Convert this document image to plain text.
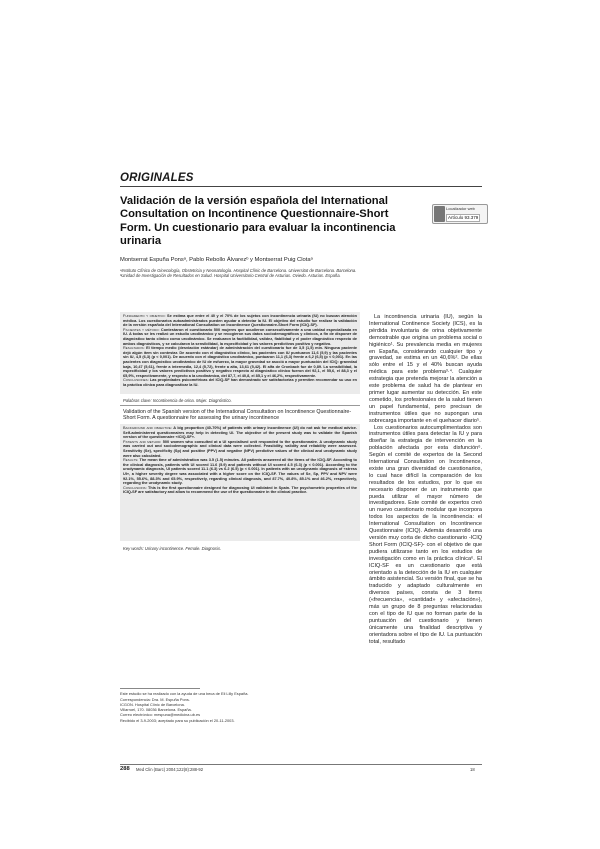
ORIGINALES
Validación de la versión española del International Consultation on Incontinence Questionnaire-Short Form. Un cuestionario para evaluar la incontinencia urinaria
Localizador web
Artículo 93.379
Montserrat Espuña Ponsᵃ, Pablo Rebollo Álvarezᵇ y Montserrat Puig Clotaᵃ
ᵃInstituto Clínico de Ginecología, Obstetricia y Neonatología. Hospital Clínic de Barcelona. Universitat de Barcelona. Barcelona.
ᵇUnidad de Investigación de Resultados en Salud. Hospital Universitario Central de Asturias. Oviedo. Asturias. España.
Fundamento y objetivo: Se estima que entre el 40 y el 70% de los sujetos con incontinencia urinaria (IU) no buscan atención médica. Los cuestionarios autoadministrados pueden ayudar a detectar la IU. El objetivo del estudio fue realizar la validación de la versión española del International Consultation on Incontinence Questionnaire-Short Form (ICIQ-SF).
Pacientes y método: Contestaron el cuestionario 500 mujeres que acudieron consecutivamente a una unidad especializada en IU. A todas se les realizó un estudio urodinámico y se recogieron sus datos sociodemográficos y clínicos, a fin de disponer de diagnóstico tanto clínico como urodinámico. Se evaluaron la factibilidad, validez, fiabilidad y el poder diagnóstico respecto de ambos diagnósticos, y se calcularon la sensibilidad, la especificidad y los valores predictivos positivo y negativo.
Resultados: El tiempo medio (desviación estándar) de administración del cuestionario fue de 3,5 (1,5) min. Ninguna paciente dejó algún ítem sin contestar. De acuerdo con el diagnóstico clínico, las pacientes con IU puntuaron 11,6 (5,9) y las pacientes sin IU, 4,5 (6,3) (p < 0,001). De acuerdo con el diagnóstico urodinámico, puntuaron 11,1 (6,3) frente a 6,2 (6,5) (p < 0,001). En las pacientes con diagnóstico urodinámico de IU de esfuerzo, la mayor gravedad se asoció a mayor puntuación del ICIQ: gravedad baja, 10,47 (5,61), frente a intermedia, 12,4 (5,72), frente a alta, 13,61 (5,42). El alfa de Cronbach fue de 0,89. La sensibilidad, la especificidad y los valores predictivos positivo y negativo respecto al diagnóstico clínico fueron del 92,1, el 55,6, el 88,3 y el 65,9%, respectivamente, y respecto a la urodinámica, del 87,7, el 40,8, el 85,1 y el 46,2%, respectivamente.
Conclusiones: Las propiedades psicométricas del ICIQ-SF han demostrado ser satisfactorias y permiten recomendar su uso en la práctica clínica para diagnosticar la IU.
Palabras clave: Incontinencia de orina. Mujer. Diagnóstico.
Validation of the Spanish version of the International Consultation on Incontinence Questionnaire-Short Form. A questionnaire for assessing the urinary incontinence
Background and objective: A big proportion (40-70%) of patients with urinary incontinence (UI) do not ask for medical advice. Self-administered questionnaires may help in detecting UI. The objective of the present study was to validate the Spanish version of the questionnaire «ICIQ-SF».
Patients and method: 500 women who consulted at a UI specialised unit responded to the questionnaire. A urodynamic study was carried out and sociodemographic and clinical data were collected. Feasibility, validity and reliability were assessed. Sensitivity (Se), specificity (Sp) and positive (PPV) and negative (NPV) predictive values of the clinical and urodynamic study were also calculated.
Results: The mean time of administration was 3.5 (1.5) minutes. All patients answered all the items of the ICIQ-SF. According to the clinical diagnosis, patients with UI scored 11.6 (5.9) and patients without UI scored 4.5 (6.3) (p < 0.001). According to the urodynamic diagnosis, UI patients scored 11.1 (6.3) vs 6.2 (6.5) (p < 0.001). In patients with an urodynamic diagnosis of «stress UI», a higher severity degree was associated with a higher score on the ICIQ-SF. The values of Se, Sp, PPV and NPV were 92.1%, 55.6%, 88.3% and 65.9%, respectively, regarding clinical diagnosis, and 87.7%, 40.8%, 85.1% and 46.2%, respectively, regarding the urodynamic study.
Conclusions: This is the first questionnaire designed for diagnosing UI validated in Spain. The psychometric properties of the ICIQ-SF are satisfactory and allow to recommend the use of the questionnaire in the clinical practice.
Key words: Urinary incontinence. Female. Diagnosis.

Este estudio se ha realizado con la ayuda de una beca de Eli Lilly España.

Correspondencia: Dra. M. Espuña Pons.
ICGON. Hospital Clínic de Barcelona.
Villarroel, 170. 08036 Barcelona. España.
Correo electrónico: mespuna@medicina.ub.es

Recibido el 3-9-2003; aceptado para su publicación el 20-11-2003.

288 Med Clin (Barc) 2004;122(8):288-92	18

La incontinencia urinaria (IU), según la International Continence Society (ICS), es la pérdida involuntaria de orina objetivamente demostrable que origina un problema social o higiénico¹. Su prevalencia media en mujeres en España, considerando cualquier tipo y gravedad, se estima en un 40,6%². De ellas sólo entre el 15 y el 40% buscan ayuda médica para este problema³·⁴. Cualquier estrategia que pretenda mejorar la atención a este problema de salud ha de plantear en primer lugar aumentar su detección. En este cometido, los profesionales de la salud tienen un papel fundamental, pero precisan de instrumentos útiles que no supongan una sobrecarga importante en el quehacer diario⁵.

Los cuestionarios autocumplimentados son instrumentos útiles para detectar la IU y para diseñar la estrategia de intervención en la población afectada por esta disfunción⁶. Según el comité de expertos de la Second International Consultation on Incontinence, existe una gran diversidad de cuestionarios, lo cual hace difícil la comparación de los resultados de los estudios, por lo que es necesario disponer de un instrumento que pueda utilizar el mayor número de investigadores. Este comité de expertos creó un nuevo cuestionario modular que incorpora todos los aspectos de la incontinencia: el International Consultation on Incontinence Questionnaire (ICIQ). Además desarrolló una versión muy corta de dicho cuestionario -ICIQ Short Form (ICIQ-SF)- con el objetivo de que pudiera utilizarse tanto en los estudios de investigación como en la práctica clínica⁶. El ICIQ-SF es un cuestionario que está orientado a la detección de la IU en cualquier ámbito asistencial. Su versión final, que se ha traducido y adaptado culturalmente en diversos países, consta de 3 ítems («frecuencia», «cantidad» y «afectación»), más un grupo de 8 preguntas relacionadas con el tipo de IU que no forman parte de la puntuación del cuestionario y tienen únicamente una finalidad descriptiva y orientadora sobre el tipo de IU. La puntuación total, resultado
